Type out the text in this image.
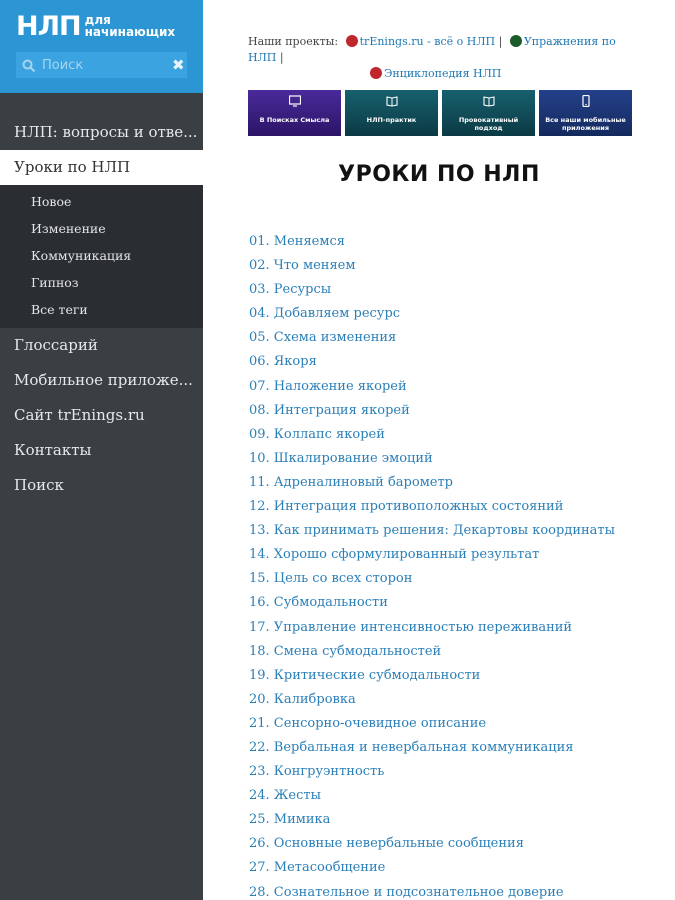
НЛП для
начинающих
Поиск
✖
НЛП: вопросы и отве...
Уроки по НЛП
Новое
Изменение
Коммуникация
Гипноз
Все теги
Глоссарий
Мобильное приложе...
Сайт trEnings.ru
Контакты
Поиск
Наши проекты: trEnings.ru - всё о НЛП | Упражнения по НЛП |
Энциклопедия НЛП
В Поисках Смысла	НЛП-практик	Провокативный подход
Все наши мобильные приложения
УРОКИ ПО НЛП
01. Меняемся
02. Что меняем
03. Ресурсы
04. Добавляем ресурс
05. Схема изменения
06. Якоря
07. Наложение якорей
08. Интеграция якорей
09. Коллапс якорей
10. Шкалирование эмоций
11. Адреналиновый барометр
12. Интеграция противоположных состояний
13. Как принимать решения: Декартовы координаты
14. Хорошо сформулированный результат
15. Цель со всех сторон
16. Субмодальности
17. Управление интенсивностью переживаний
18. Смена субмодальностей
19. Критические субмодальности
20. Калибровка
21. Сенсорно-очевидное описание
22. Вербальная и невербальная коммуникация
23. Конгруэнтность
24. Жесты
25. Мимика
26. Основные невербальные сообщения
27. Метасообщение
28. Сознательное и подсознательное доверие
